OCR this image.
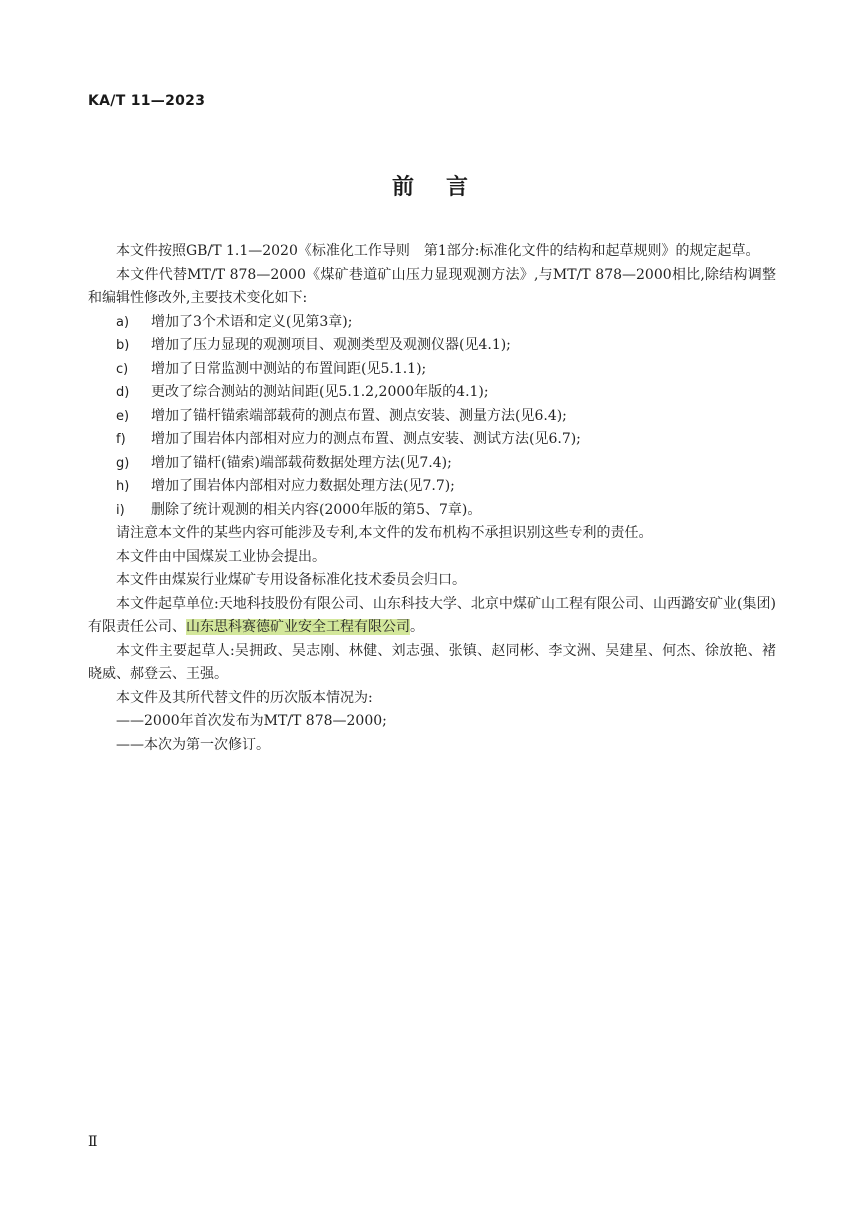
KA/T 11—2023
前言

本文件按照GB/T 1.1—2020《标准化工作导则　第1部分:标准化文件的结构和起草规则》的规定起草。

本文件代替MT/T 878—2000《煤矿巷道矿山压力显现观测方法》,与MT/T 878—2000相比,除结构调整和编辑性修改外,主要技术变化如下:

a)	增加了3个术语和定义(见第3章);
b)	增加了压力显现的观测项目、观测类型及观测仪器(见4.1);
c)	增加了日常监测中测站的布置间距(见5.1.1);
d)	更改了综合测站的测站间距(见5.1.2,2000年版的4.1);
e)	增加了锚杆锚索端部载荷的测点布置、测点安装、测量方法(见6.4);
f)	增加了围岩体内部相对应力的测点布置、测点安装、测试方法(见6.7);
g)	增加了锚杆(锚索)端部载荷数据处理方法(见7.4);
h)	增加了围岩体内部相对应力数据处理方法(见7.7);
i)	删除了统计观测的相关内容(2000年版的第5、7章)。

请注意本文件的某些内容可能涉及专利,本文件的发布机构不承担识别这些专利的责任。

本文件由中国煤炭工业协会提出。

本文件由煤炭行业煤矿专用设备标准化技术委员会归口。

本文件起草单位:天地科技股份有限公司、山东科技大学、北京中煤矿山工程有限公司、山西潞安矿业(集团)有限责任公司、山东思科赛德矿业安全工程有限公司。

本文件主要起草人:吴拥政、吴志刚、林健、刘志强、张镇、赵同彬、李文洲、吴建星、何杰、徐放艳、褚晓威、郝登云、王强。

本文件及其所代替文件的历次版本情况为:

——2000年首次发布为MT/T 878—2000;

——本次为第一次修订。

Ⅱ
